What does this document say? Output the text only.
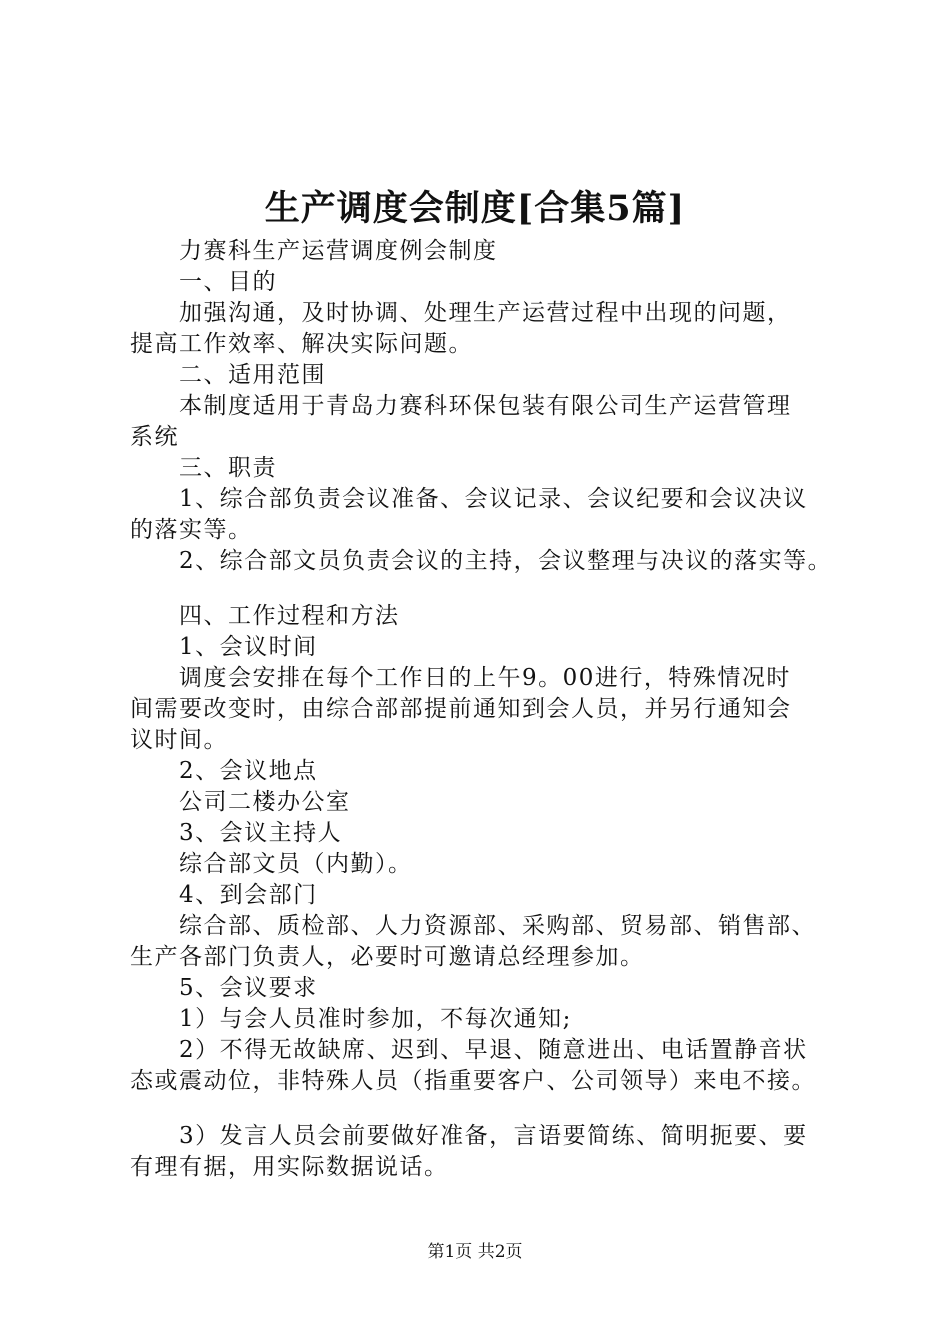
生产调度会制度[合集5篇]

力赛科生产运营调度例会制度

一、目的

加强沟通，及时协调、处理生产运营过程中出现的问题，

提高工作效率、解决实际问题。

二、适用范围

本制度适用于青岛力赛科环保包装有限公司生产运营管理

系统

三、职责

1、综合部负责会议准备、会议记录、会议纪要和会议决议

的落实等。

2、综合部文员负责会议的主持，会议整理与决议的落实等。

四、工作过程和方法

1、会议时间

调度会安排在每个工作日的上午9。00进行，特殊情况时

间需要改变时，由综合部部提前通知到会人员，并另行通知会

议时间。

2、会议地点

公司二楼办公室

3、会议主持人

综合部文员（内勤）。

4、到会部门

综合部、质检部、人力资源部、采购部、贸易部、销售部、

生产各部门负责人，必要时可邀请总经理参加。

5、会议要求

1）与会人员准时参加，不每次通知;

2）不得无故缺席、迟到、早退、随意进出、电话置静音状

态或震动位，非特殊人员（指重要客户、公司领导）来电不接。

3）发言人员会前要做好准备，言语要简练、简明扼要、要

有理有据，用实际数据说话。

第1页 共2页
